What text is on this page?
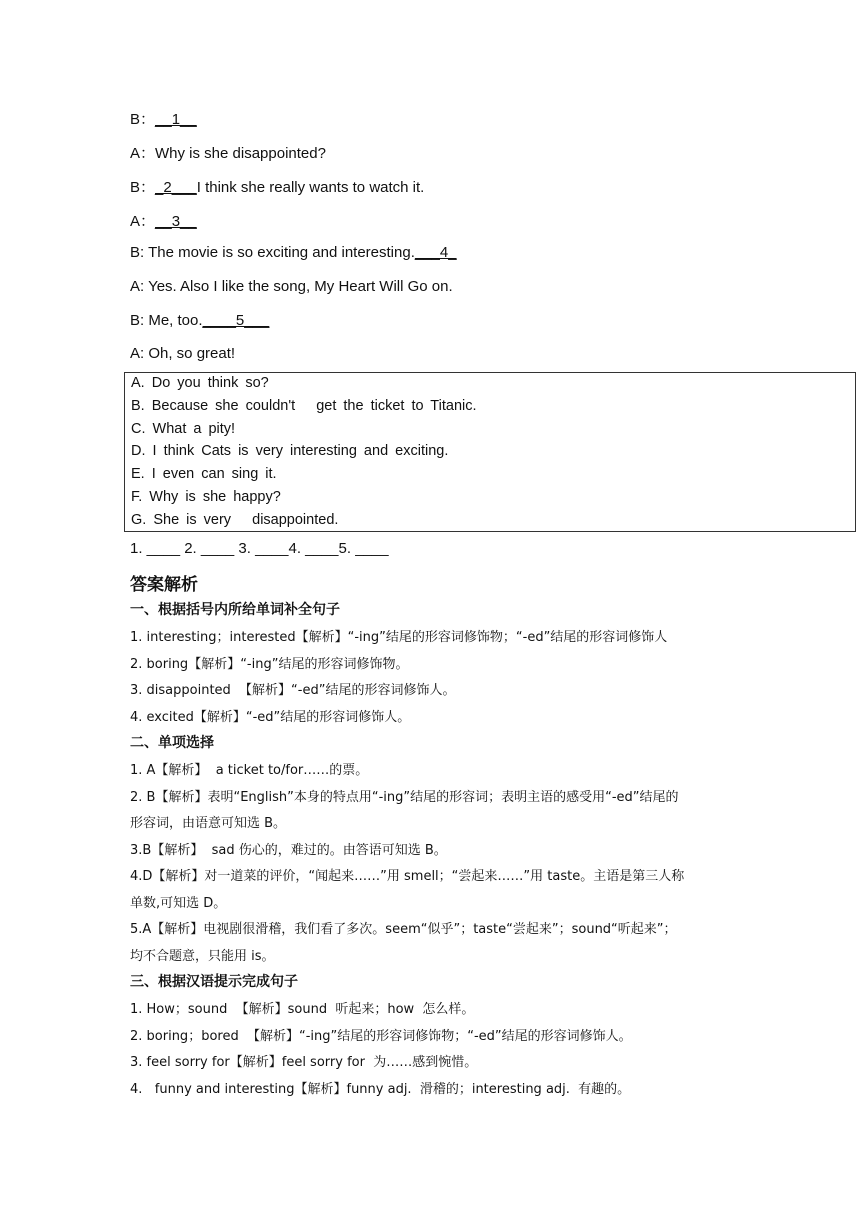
B：__1__
A：Why is she disappointed?
B：_2___I think she really wants to watch it.
A：__3__
B: The movie is so exciting and interesting.___4_
A: Yes. Also I like the song, My Heart Will Go on.
B: Me, too.____5___
A: Oh, so great!
A. Do you think so?
B. Because she couldn't   get the ticket to Titanic.
C. What a pity!
D. I think Cats is very interesting and exciting.
E. I even can sing it.
F. Why is she happy?
G. She is very   disappointed.
1. ____ 2. ____ 3. ____4. ____5. ____
答案解析
一、根据括号内所给单词补全句子
1. interesting；interested【解析】“-ing”结尾的形容词修饰物；“-ed”结尾的形容词修饰人
2. boring【解析】“-ing”结尾的形容词修饰物。
3. disappointed  【解析】“-ed”结尾的形容词修饰人。
4. excited【解析】“-ed”结尾的形容词修饰人。
二、单项选择
1. A【解析】  a ticket to/for……的票。
2. B【解析】表明“English”本身的特点用“-ing”结尾的形容词；表明主语的感受用“-ed”结尾的
形容词，由语意可知选 B。
3.B【解析】  sad 伤心的，难过的。由答语可知选 B。
4.D【解析】对一道菜的评价，“闻起来……”用 smell；“尝起来……”用 taste。主语是第三人称
单数,可知选 D。
5.A【解析】电视剧很滑稽，我们看了多次。seem“似乎”；taste“尝起来”；sound“听起来”；
均不合题意，只能用 is。
三、根据汉语提示完成句子
1. How；sound  【解析】sound  听起来；how  怎么样。
2. boring；bored  【解析】“-ing”结尾的形容词修饰物；“-ed”结尾的形容词修饰人。
3. feel sorry for【解析】feel sorry for  为……感到惋惜。
4.   funny and interesting【解析】funny adj.  滑稽的；interesting adj.  有趣的。
